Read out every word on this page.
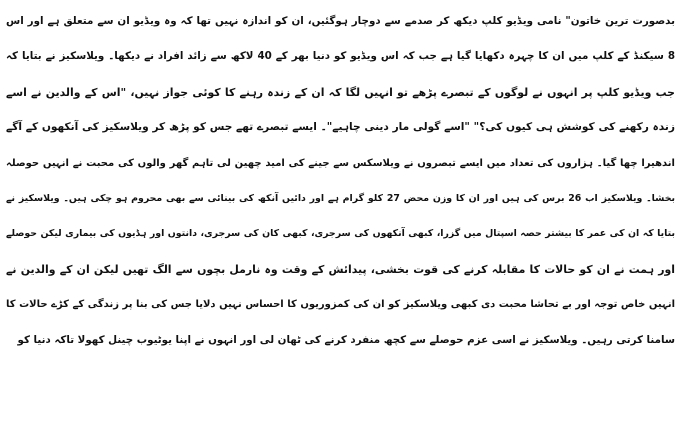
بدصورت ترین خاتون" نامی ویڈیو کلپ دیکھ کر صدمے سے دوچار ہوگئیں، ان کو اندازہ نہیں تھا کہ وہ ویڈیو ان سے متعلق ہے اور اس
8 سیکنڈ کے کلپ میں ان کا چہرہ دکھایا گیا ہے جب کہ اس ویڈیو کو دنیا بھر کے 40 لاکھ سے زائد افراد نے دیکھا۔ ویلاسکیز نے بتایا کہ
جب ویڈیو کلپ پر انہوں نے لوگوں کے تبصرے پڑھے تو انہیں لگا کہ ان کے زندہ رہنے کا کوئی جواز نہیں، "اس کے والدین نے اسے
زندہ رکھنے کی کوشش ہی کیوں کی؟" "اسے گولی مار دینی چاہیے"۔ ایسے تبصرے تھے جس کو پڑھ کر ویلاسکیز کی آنکھوں کے آگے
اندھیرا چھا گیا۔ ہزاروں کی تعداد میں ایسے تبصروں نے ویلاسکس سے جینے کی امید چھین لی تاہم گھر والوں کی محبت نے انہیں حوصلہ
بخشا۔ ویلاسکیز اب 26 برس کی ہیں اور ان کا وزن محض 27 کلو گرام ہے اور دائیں آنکھ کی بینائی سے بھی محروم ہو چکی ہیں۔ ویلاسکیز نے
بتایا کہ ان کی عمر کا بیشتر حصہ اسپتال میں گزرا، کبھی آنکھوں کی سرجری، کبھی کان کی سرجری، دانتوں اور ہڈیوں کی بیماری لیکن حوصلے
اور ہمت نے ان کو حالات کا مقابلہ کرنے کی قوت بخشی، پیدائش کے وقت وہ نارمل بچوں سے الگ تھیں لیکن ان کے والدین نے
انہیں خاص توجہ اور بے تحاشا محبت دی کبھی ویلاسکیز کو ان کی کمزوریوں کا احساس نہیں دلایا جس کی بنا پر زندگی کے کڑے حالات کا
سامنا کرتی رہیں۔ ویلاسکیز نے اسی عزم حوصلے سے کچھ منفرد کرنے کی ٹھان لی اور انہوں نے اپنا یوٹیوب چینل کھولا تاکہ دنیا کو
